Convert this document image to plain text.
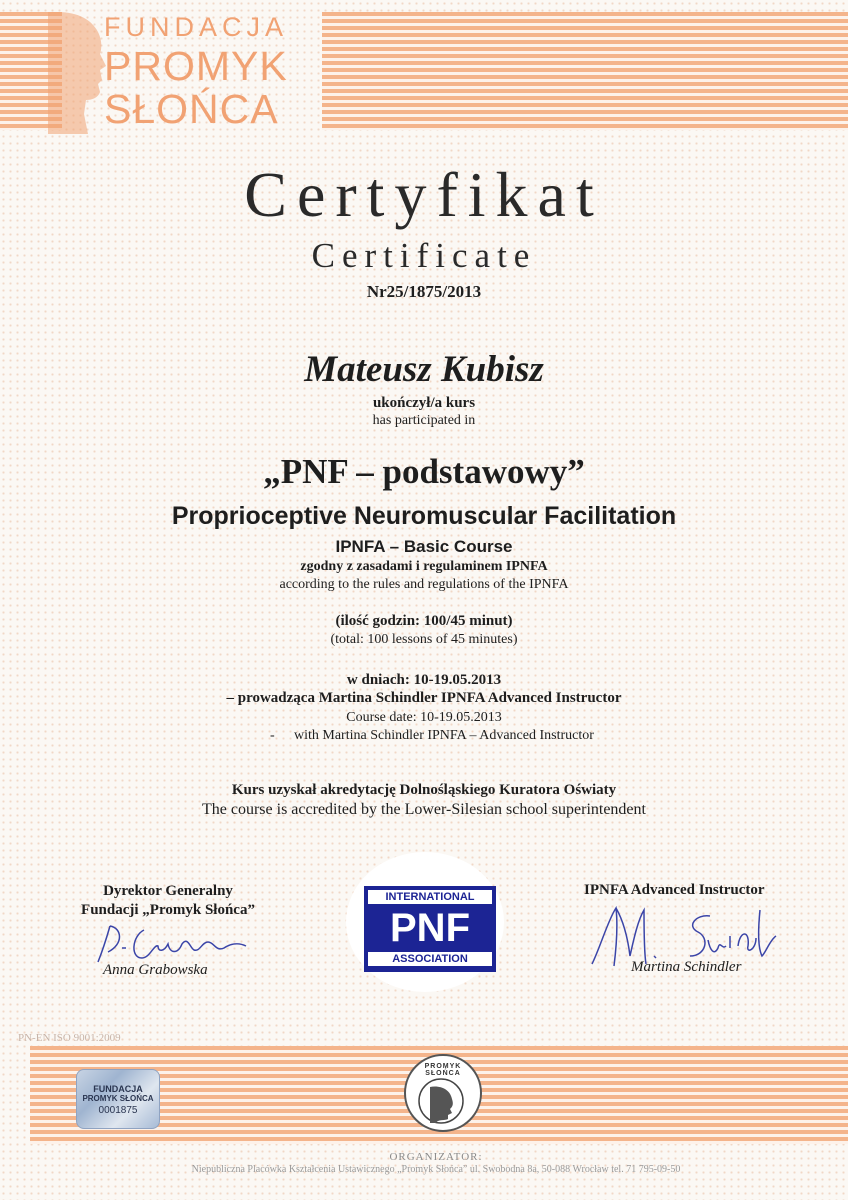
FUNDACJA
PROMYK
SŁOŃCA
Certyfikat
Certificate
Nr25/1875/2013
Mateusz Kubisz
ukończył/a kurs
has participated in
„PNF – podstawowy”
Proprioceptive Neuromuscular Facilitation
IPNFA – Basic Course
zgodny z zasadami i regulaminem IPNFA
according to the rules and regulations of the IPNFA
(ilość godzin: 100/45 minut)
(total: 100 lessons of 45 minutes)
w dniach: 10-19.05.2013
– prowadząca Martina Schindler IPNFA Advanced Instructor
Course date: 10-19.05.2013
- with Martina Schindler IPNFA – Advanced Instructor
Kurs uzyskał akredytację Dolnośląskiego Kuratora Oświaty
The course is accredited by the Lower-Silesian school superintendent
Dyrektor Generalny
Fundacji „Promyk Słońca”
Anna Grabowska
INTERNATIONAL
PNF
ASSOCIATION
IPNFA Advanced Instructor
Martina Schindler
PN-EN ISO 9001:2009
FUNDACJA
PROMYK SŁOŃCA
0001875
PROMYK SŁOŃCA
ORGANIZATOR:
Niepubliczna Placówka Kształcenia Ustawicznego „Promyk Słońca” ul. Swobodna 8a, 50-088 Wrocław tel. 71 795-09-50
